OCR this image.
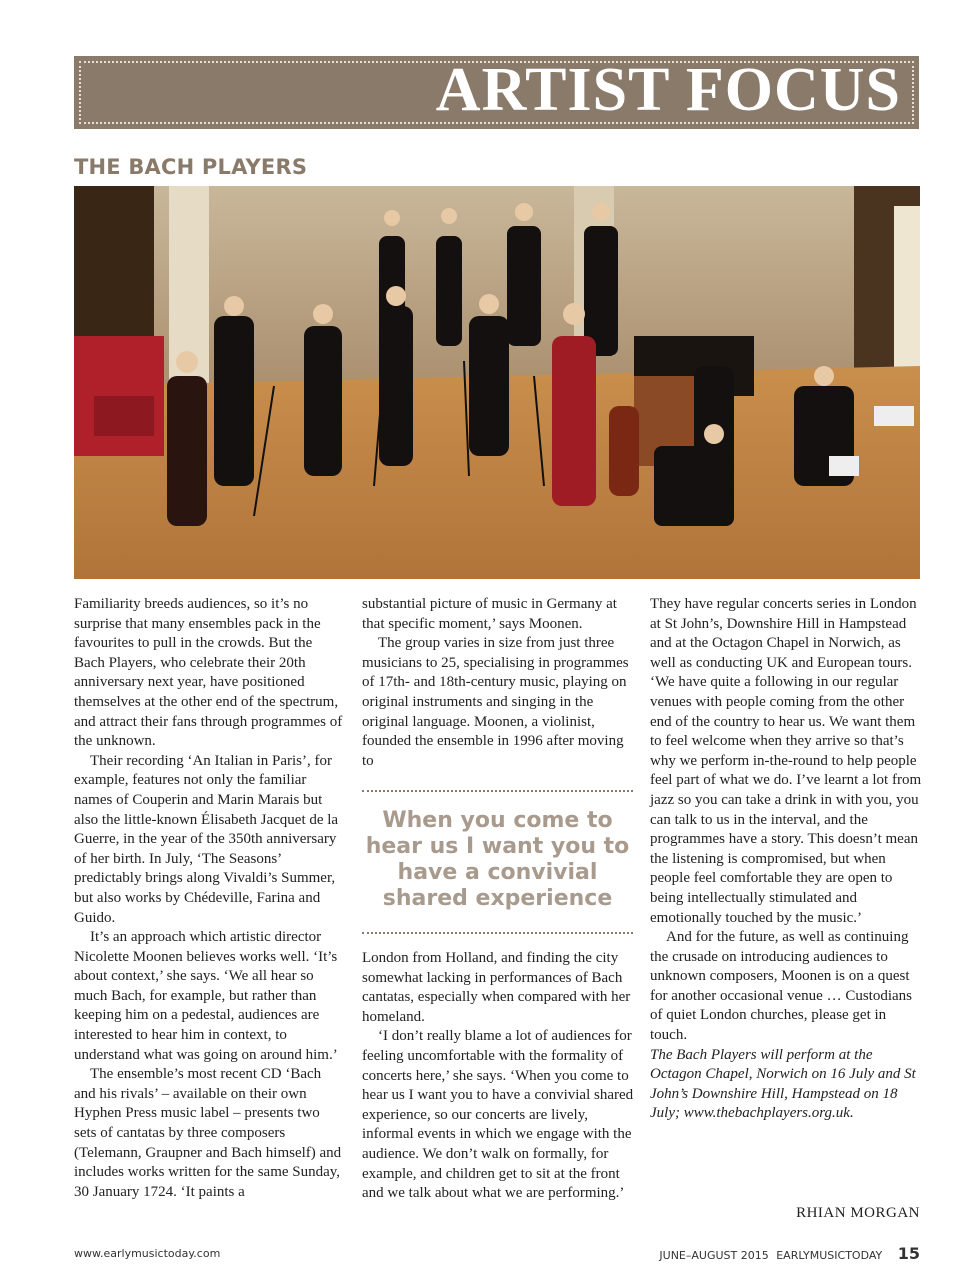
ARTIST FOCUS
THE BACH PLAYERS

Familiarity breeds audiences, so it’s no surprise that many ensembles pack in the favourites to pull in the crowds. But the Bach Players, who celebrate their 20th anniversary next year, have positioned themselves at the other end of the spectrum, and attract their fans through programmes of the unknown.

Their recording ‘An Italian in Paris’, for example, features not only the familiar names of Couperin and Marin Marais but also the little-known Élisabeth Jacquet de la Guerre, in the year of the 350th anniversary of her birth. In July, ‘The Seasons’ predictably brings along Vivaldi’s Summer, but also works by Chédeville, Farina and Guido.

It’s an approach which artistic director Nicolette Moonen believes works well. ‘It’s about context,’ she says. ‘We all hear so much Bach, for example, but rather than keeping him on a pedestal, audiences are interested to hear him in context, to understand what was going on around him.’

The ensemble’s most recent CD ‘Bach and his rivals’ – available on their own Hyphen Press music label – presents two sets of cantatas by three composers (Telemann, Graupner and Bach himself) and includes works written for the same Sunday, 30 January 1724. ‘It paints a

substantial picture of music in Germany at that specific moment,’ says Moonen.

The group varies in size from just three musicians to 25, specialising in programmes of 17th- and 18th-century music, playing on original instruments and singing in the original language. Moonen, a violinist, founded the ensemble in 1996 after moving to

When you come to hear us I want you to have a convivial shared experience

London from Holland, and finding the city somewhat lacking in performances of Bach cantatas, especially when compared with her homeland.

‘I don’t really blame a lot of audiences for feeling uncomfortable with the formality of concerts here,’ she says. ‘When you come to hear us I want you to have a convivial shared experience, so our concerts are lively, informal events in which we engage with the audience. We don’t walk on formally, for example, and children get to sit at the front and we talk about what we are performing.’

They have regular concerts series in London at St John’s, Downshire Hill in Hampstead and at the Octagon Chapel in Norwich, as well as conducting UK and European tours. ‘We have quite a following in our regular venues with people coming from the other end of the country to hear us. We want them to feel welcome when they arrive so that’s why we perform in-the-round to help people feel part of what we do. I’ve learnt a lot from jazz so you can take a drink in with you, you can talk to us in the interval, and the programmes have a story. This doesn’t mean the listening is compromised, but when people feel comfortable they are open to being intellectually stimulated and emotionally touched by the music.’

And for the future, as well as continuing the crusade on introducing audiences to unknown composers, Moonen is on a quest for another occasional venue … Custodians of quiet London churches, please get in touch.

The Bach Players will perform at the Octagon Chapel, Norwich on 16 July and St John’s Downshire Hill, Hampstead on 18 July; www.thebachplayers.org.uk.

RHIAN MORGAN
www.earlymusictoday.com	JUNE–AUGUST 2015 EARLYMUSICTODAY 15
